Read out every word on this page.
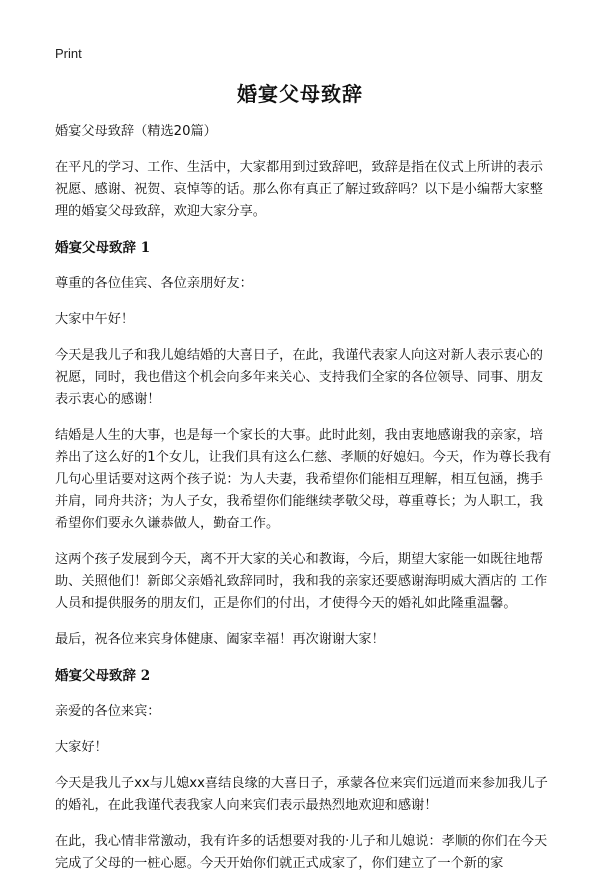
Print
婚宴父母致辞

婚宴父母致辞（精选20篇）

在平凡的学习、工作、生活中，大家都用到过致辞吧，致辞是指在仪式上所讲的表示祝愿、感谢、祝贺、哀悼等的话。那么你有真正了解过致辞吗？以下是小编帮大家整理的婚宴父母致辞，欢迎大家分享。

婚宴父母致辞 1

尊重的各位佳宾、各位亲朋好友：

大家中午好！

今天是我儿子和我儿媳结婚的大喜日子，在此，我谨代表家人向这对新人表示衷心的祝愿，同时，我也借这个机会向多年来关心、支持我们全家的各位领导、同事、朋友表示衷心的感谢！

结婚是人生的大事，也是每一个家长的大事。此时此刻，我由衷地感谢我的亲家，培养出了这么好的1个女儿，让我们具有这么仁慈、孝顺的好媳妇。今天，作为尊长我有几句心里话要对这两个孩子说：为人夫妻，我希望你们能相互理解，相互包涵，携手并肩，同舟共济；为人子女，我希望你们能继续孝敬父母，尊重尊长；为人职工，我希望你们要永久谦恭做人，勤奋工作。

这两个孩子发展到今天，离不开大家的关心和教诲，今后，期望大家能一如既往地帮助、关照他们！新郎父亲婚礼致辞同时，我和我的亲家还要感谢海明威大酒店的 工作人员和提供服务的朋友们，正是你们的付出，才使得今天的婚礼如此隆重温馨。

最后，祝各位来宾身体健康、阖家幸福！再次谢谢大家！

婚宴父母致辞 2

亲爱的各位来宾：

大家好！

今天是我儿子xx与儿媳xx喜结良缘的大喜日子，承蒙各位来宾们远道而来参加我儿子的婚礼，在此我谨代表我家人向来宾们表示最热烈地欢迎和感谢！

在此，我心情非常激动，我有许多的话想要对我的·儿子和儿媳说：孝顺的你们在今天完成了父母的一桩心愿。今天开始你们就正式成家了，你们建立了一个新的家
